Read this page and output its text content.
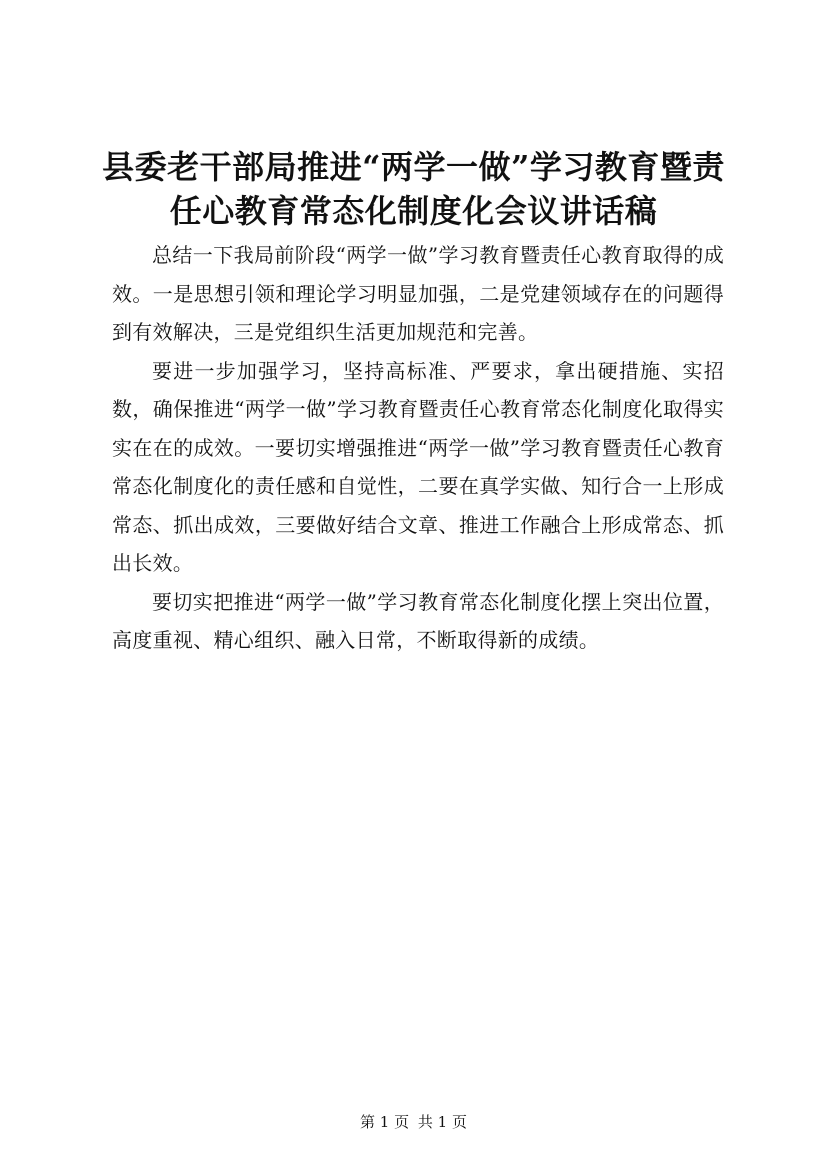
县委老干部局推进“两学一做”学习教育暨责
任心教育常态化制度化会议讲话稿

总结一下我局前阶段“两学一做”学习教育暨责任心教育取得的成效。一是思想引领和理论学习明显加强，二是党建领域存在的问题得到有效解决，三是党组织生活更加规范和完善。

要进一步加强学习，坚持高标准、严要求，拿出硬措施、实招数，确保推进“两学一做”学习教育暨责任心教育常态化制度化取得实实在在的成效。一要切实增强推进“两学一做”学习教育暨责任心教育常态化制度化的责任感和自觉性，二要在真学实做、知行合一上形成常态、抓出成效，三要做好结合文章、推进工作融合上形成常态、抓出长效。

要切实把推进“两学一做”学习教育常态化制度化摆上突出位置，高度重视、精心组织、融入日常，不断取得新的成绩。

第 1 页 共 1 页
